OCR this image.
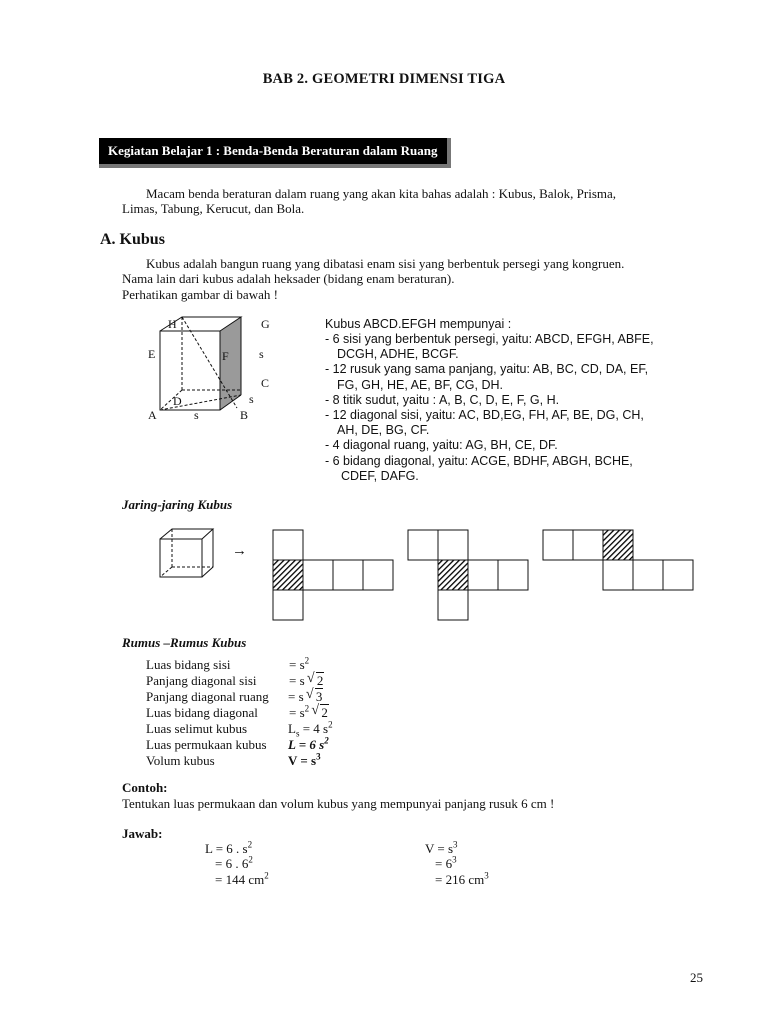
BAB 2. GEOMETRI DIMENSI TIGA
Kegiatan Belajar 1 : Benda-Benda Beraturan dalam Ruang
Macam benda beraturan dalam ruang yang akan kita bahas adalah : Kubus, Balok, Prisma,
Limas, Tabung, Kerucut, dan Bola.
A. Kubus
Kubus adalah bangun ruang yang dibatasi enam sisi yang berbentuk persegi yang kongruen.
Nama lain dari kubus adalah heksader (bidang enam beraturan).
Perhatikan gambar di bawah !
H	G
E	F	s
C
D	s
A	s	B
Kubus ABCD.EFGH mempunyai :
- 6 sisi yang berbentuk persegi, yaitu: ABCD, EFGH, ABFE,
DCGH, ADHE, BCGF.
- 12 rusuk yang sama panjang, yaitu: AB, BC, CD, DA, EF,
FG, GH, HE, AE, BF, CG, DH.
- 8 titik sudut, yaitu : A, B, C, D, E, F, G, H.
- 12 diagonal sisi, yaitu: AC, BD,EG, FH, AF, BE, DG, CH,
AH, DE, BG, CF.
- 4 diagonal ruang, yaitu: AG, BH, CE, DF.
- 6 bidang diagonal, yaitu: ACGE, BDHF, ABGH, BCHE,
CDEF, DAFG.
Jaring-jaring Kubus
→
Rumus –Rumus Kubus
Luas bidang sisi	= $s^2$
Panjang diagonal sisi	= s √ 2
Panjang diagonal ruang = s √ 3
Luas bidang diagonal = $s^2$ √ 2
Luas selimut kubus	$L_s = 4$ $s^2$
Luas permukaan kubus L = 6 $s^2$
Volum kubus	$V = s^3$
Contoh:
Tentukan luas permukaan dan volum kubus yang mempunyai panjang rusuk 6 cm !
Jawab:
L = 6 . $s^2$
= 6 . $6^2$
= 144 $cm^2$
$V = s^3$
= $6^3$
= 216 $cm^3$
25
